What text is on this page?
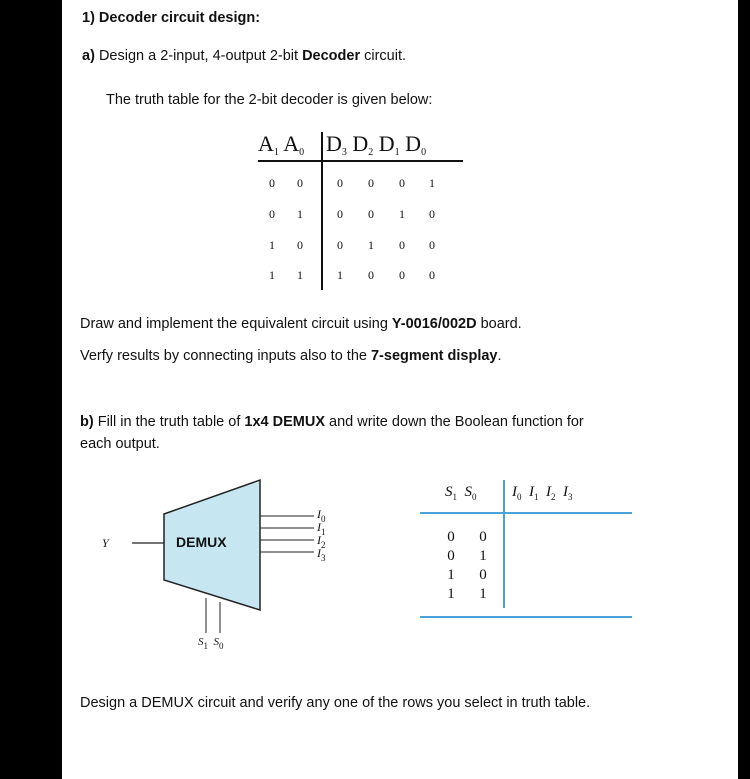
1) Decoder circuit design:
a) Design a 2-input, 4-output 2-bit Decoder circuit.
The truth table for the 2-bit decoder is given below:
A1 A0 D3 D2 D1 D0
0	0	0	0	0	1
0	1	0	0	1	0
1	0	0	1	0	0
1	1	1	0	0	0
Draw and implement the equivalent circuit using Y-0016/002D board.
Verfy results by connecting inputs also to the 7-segment display.
b) Fill in the truth table of 1x4 DEMUX and write down the Boolean function for
each output.
DEMUX
Y
$I_0$
$I_1$
$I_2$
$I_3$
$S_1$ $S_0$
$S_1$ $S_0$ $I_0$ $I_1$ $I_2$ $I_3$
0	0
0	1
1	0
1	1
Design a DEMUX circuit and verify any one of the rows you select in truth table.
